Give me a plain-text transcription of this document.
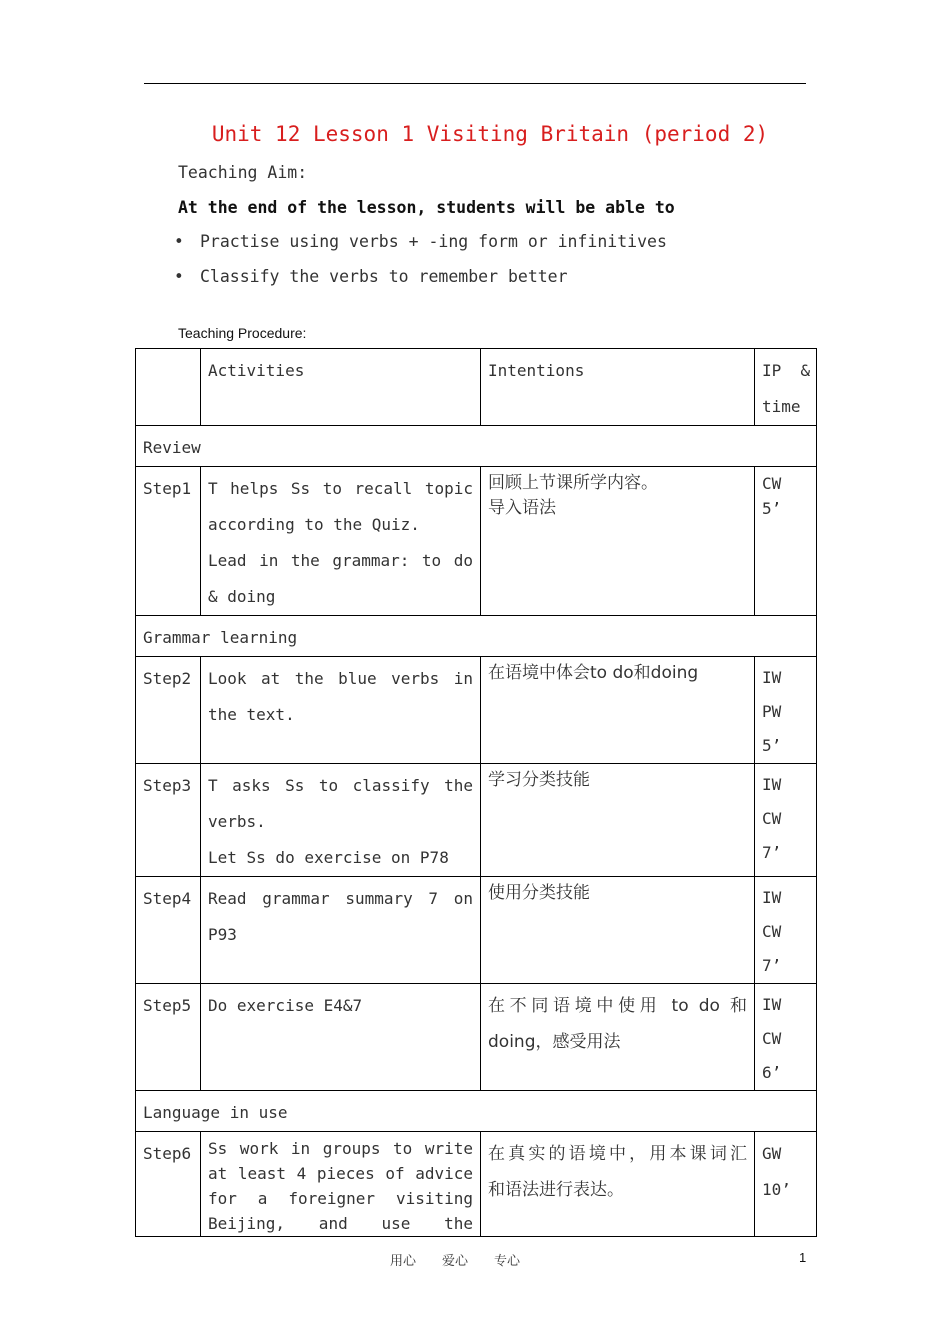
Unit 12 Lesson 1 Visiting Britain (period 2)
Teaching Aim:
At the end of the lesson, students will be able to
• Practise using verbs + -ing form or infinitives
• Classify the verbs to remember better
Teaching Procedure:
	Activities	Intentions	IP  &
time
Review			
Step1	T helps Ss to recall topic
according to the Quiz.

Lead in the grammar: to do
& doing	回顾上节课所学内容。
导入语法	CW
5’
Grammar learning			
Step2	Look at the blue verbs in
the text.	在语境中体会to do和doing	IW
PW
5’
Step3	T asks Ss to classify the
verbs.
Let Ss do exercise on P78	学习分类技能	IW
CW
7’
Step4	Read grammar summary 7 on
P93	使用分类技能	IW
CW
7’
Step5	Do exercise E4&7	在不同语境中使用 to do 和
doing，感受用法	IW
CW
6’
Language in use			
Step6	Ss work in groups to write
at least 4 pieces of advice
for a foreigner visiting
Beijing, and use the	在真实的语境中，用本课词汇
和语法进行表达。	GW
10’
用心 爱心 专心	1
